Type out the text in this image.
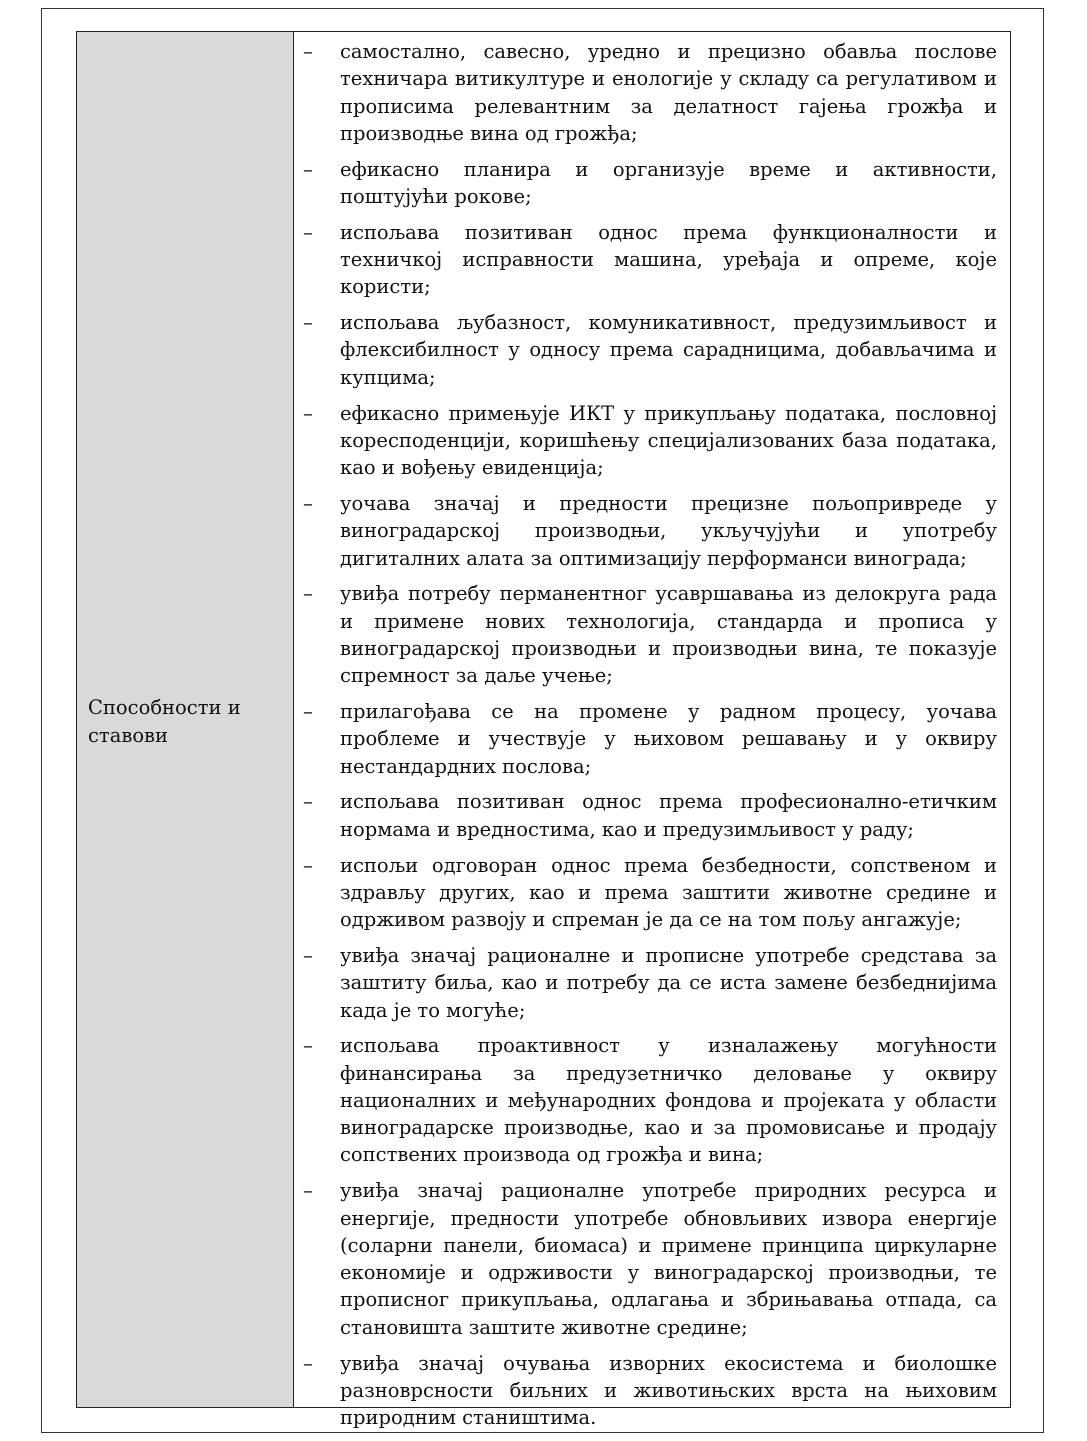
Способности и ставови
–	самостално, савесно, уредно и прецизно обавља послове техничара витикултуре и енологије у складу са регулативом и прописима релевантним за делатност гајења грожђа и производње вина од грожђа;
–	ефикасно планира и организује време и активности, поштујући рокове;
–	испољава позитиван однос према функционалности и техничкој исправности машина, уређаја и опреме, које користи;
–	испољава љубазност, комуникативност, предузимљивост и флексибилност у односу према сарадницима, добављачима и купцима;
–	ефикасно примењује ИКТ у прикупљању података, пословној коресподенцији, коришћењу специјализованих база података, као и вођењу евиденција;
–	уочава значај и предности прецизне пољопривреде у виноградарској производњи, укључујући и употребу дигиталних алата за оптимизацију перформанси винограда;
–	увиђа потребу перманентног усавршавања из делокруга рада и примене нових технологија, стандарда и прописа у виноградарској производњи и производњи вина, те показује спремност за даље учење;
–	прилагођава се на промене у радном процесу, уочава проблеме и учествује у њиховом решавању и у оквиру нестандардних послова;
–	испољава позитиван однос према професионално-етичким нормама и вредностима, као и предузимљивост у раду;
–	испољи одговоран однос према безбедности, сопственом и здрављу других, као и према заштити животне средине и одрживом развоју и спреман је да се на том пољу ангажује;
–	увиђа значај рационалне и прописне употребе средстава за заштиту биља, као и потребу да се иста замене безбеднијима када је то могуће;
–	испољава проактивност у изналажењу могућности финансирања за предузетничко деловање у оквиру националних и међународних фондова и пројеката у области виноградарске производње, као и за промовисање и продају сопствених производа од грожђа и вина;
–	увиђа значај рационалне употребе природних ресурса и енергије, предности употребе обновљивих извора енергије (соларни панели, биомаса) и примене принципа циркуларне економије и одрживости у виноградарској производњи, те прописног прикупљања, одлагања и збрињавања отпада, са становишта заштите животне средине;
–	увиђа значај очувања изворних екосистема и биолошке разноврсности биљних и животињских врста на њиховим природним стаништима.
